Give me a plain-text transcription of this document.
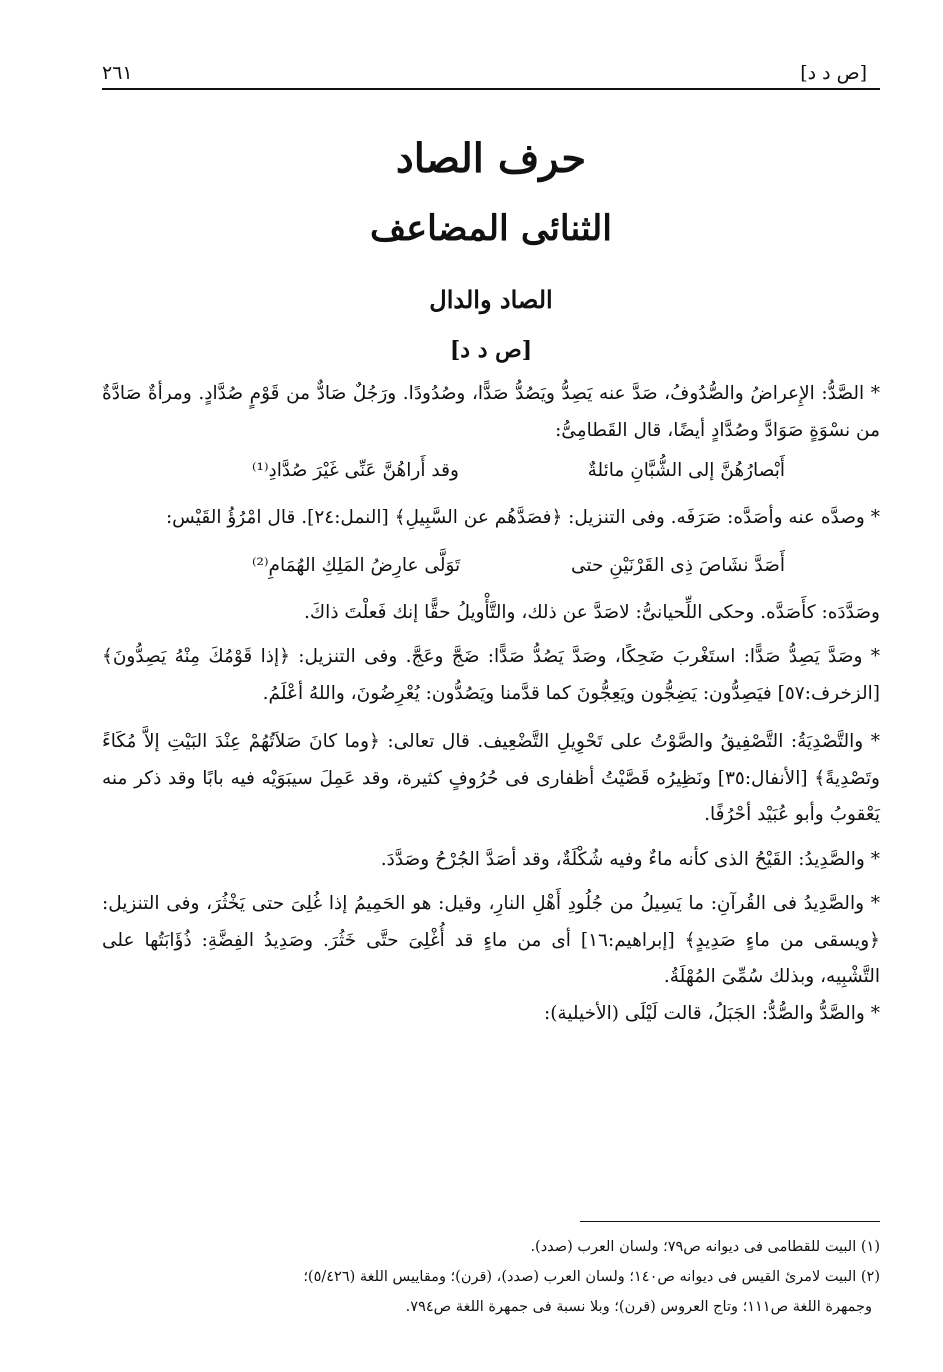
[ص د د]
٢٦١
حرف الصاد
الثنائى المضاعف
الصاد والدال
[ص د د]

* الصَّدُّ: الإِعراضُ والصُّدُوفُ، صَدَّ عنه يَصِدُّ ويَصُدُّ صَدًّا، وصُدُودًا. ورَجُلٌ صَادٌّ من قَوْمٍ صُدَّادٍ. ومرأةٌ صَادَّةٌ من نسْوَةٍ صَوَادَّ وصُدَّادٍ أيضًا، قال القَطامِىُّ:

أَبْصارُهُنَّ إلى الشُّبَّانِ مائلةٌ
وقد أَراهُنَّ عَنِّى غَيْرَ صُدَّادِ⁽¹⁾

* وصدَّه عنه وأصَدَّه: صَرَفَه. وفى التنزيل: ﴿فصَدَّهُم عن السَّبِيلِ﴾ [النمل:٢٤]. قال امْرُؤُ القَيْس:

أَصَدَّ نشَاصَ ذِى القَرْنَيْنِ حتى
تَوَلَّى عارِضُ المَلِكِ الهُمَامِ⁽²⁾

وصَدَّدَه: كأَصَدَّه. وحكى اللِّحيانىُّ: لاصَدَّ عن ذلك، والتَّأْويلُ حقًّا إنك فَعلْتَ ذاكَ.

* وصَدَّ يَصِدُّ صَدًّا: استَغْربَ ضَحِكًا، وصَدَّ يَصُدُّ صَدًّا: ضَجَّ وعَجَّ. وفى التنزيل: ﴿إذا قَوْمُكَ مِنْهُ يَصِدُّونَ﴾ [الزخرف:٥٧] فيَصِدُّون: يَضِجُّون ويَعِجُّونَ كما قدَّمنا ويَصُدُّون: يُعْرِضُونَ، واللهُ أعْلَمُ.

* والتَّصْدِيَةُ: التَّصْفِيقُ والصَّوْتُ على تَحْوِيلِ التَّضْعِيف. قال تعالى: ﴿وما كانَ صَلاَتُهُمْ عِنْدَ البَيْتِ إلاَّ مُكَاءً وتَصْدِيةً﴾ [الأنفال:٣٥] ونَظِيرُه قَصَّيْتُ أظفارى فى حُرُوفٍ كثيرة، وقد عَمِلَ سيبَوَيْه فيه بابًا وقد ذكر منه يَعْقوبُ وأبو عُبَيْد أحْرُفًا.

* والصَّدِيدُ: القَيْحُ الذى كأنه ماءٌ وفيه شُكْلَةٌ، وقد أصَدَّ الجُرْحُ وصَدَّدَ.

* والصَّدِيدُ فى القُرآنِ: ما يَسِيلُ من جُلُودِ أَهْلِ النارِ، وقيل: هو الحَمِيمُ إذا غُلِىَ حتى يَخْثُرَ، وفى التنزيل: ﴿ويسقى من ماءٍ صَدِيدٍ﴾ [إبراهيم:١٦] أى من ماءٍ قد أُغْلِىَ حتَّى خَثُرَ. وصَدِيدُ الفِضَّةِ: ذُؤَابَتُها على التَّشْبِيه، وبذلك سُمِّىَ المُهْلَةُ.

* والصَّدُّ والصُّدُّ: الجَبَلُ، قالت لَيْلَى (الأخيلية):

(١) البيت للقطامى فى ديوانه ص٧٩؛ ولسان العرب (صدد).

(٢) البيت لامرئ القيس فى ديوانه ص١٤٠؛ ولسان العرب (صدد)، (قرن)؛ ومقاييس اللغة (٥/٤٢٦)؛

وجمهرة اللغة ص١١١؛ وتاج العروس (قرن)؛ وبلا نسبة فى جمهرة اللغة ص٧٩٤.
